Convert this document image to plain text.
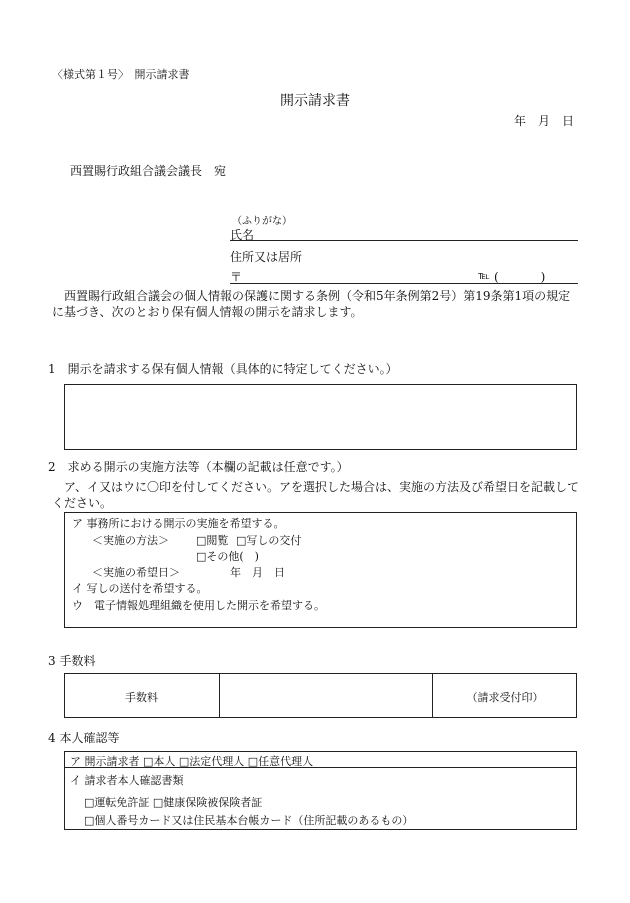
〈様式第１号〉　開示請求書
開示請求書
年　月　日
西置賜行政組合議会議長　宛
（ふりがな）
氏名
住所又は居所
〒	℡ (　　)
西置賜行政組合議会の個人情報の保護に関する条例（令和5年条例第2号）第19条第1項の規定に基づき、次のとおり保有個人情報の開示を請求します。
1　開示を請求する保有個人情報（具体的に特定してください。）
2　求める開示の実施方法等（本欄の記載は任意です。）
ア、イ又はウに〇印を付してください。アを選択した場合は、実施の方法及び希望日を記載してください。
ア 事務所における開示の実施を希望する。
＜実施の方法＞ □閲覧 □写しの交付
□その他(　)
＜実施の希望日＞	年　月　日
イ 写しの送付を希望する。
ウ　電子情報処理組織を使用した開示を希望する。
3 手数料
手数料	（請求受付印）
4 本人確認等
ア 開示請求者 □本人 □法定代理人 □任意代理人
イ 請求者本人確認書類
□運転免許証 □健康保険被保険者証
□個人番号カード又は住民基本台帳カード（住所記載のあるもの）
